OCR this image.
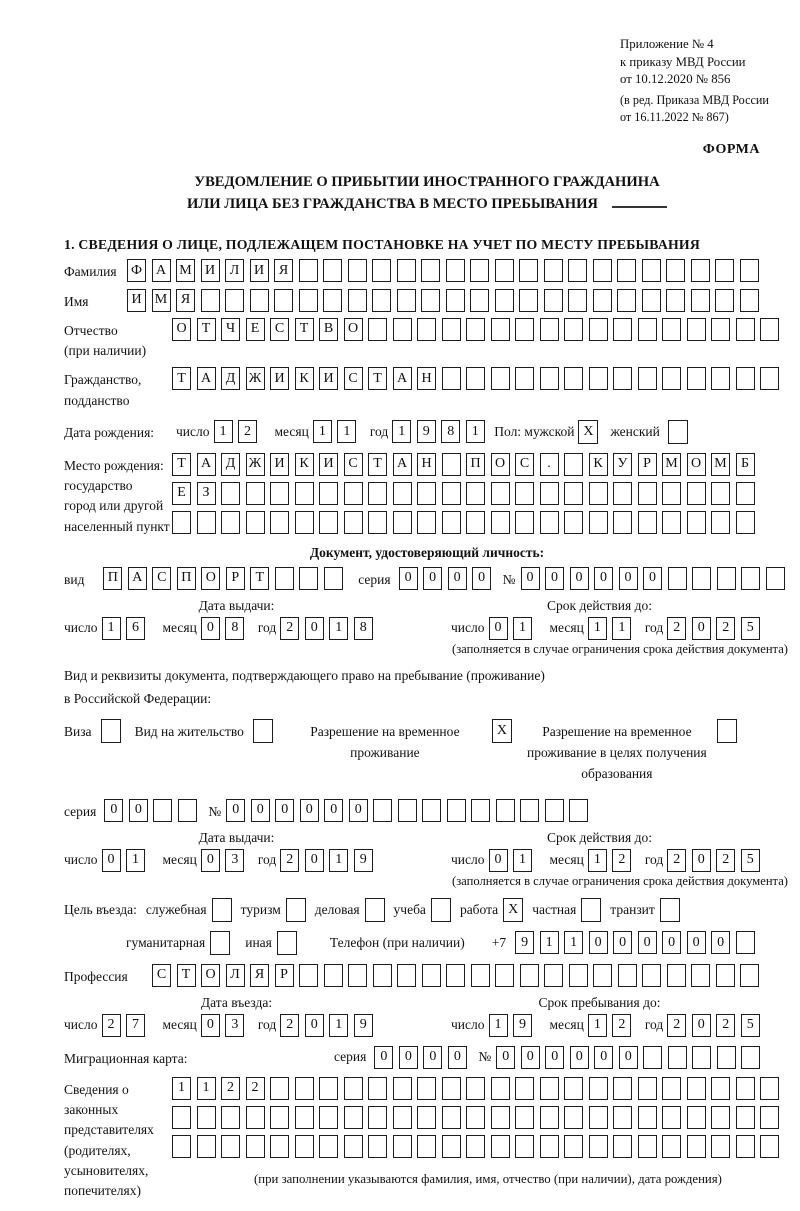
Приложение № 4
к приказу МВД России
от 10.12.2020 № 856
(в ред. Приказа МВД России
от 16.11.2022 № 867)
ФОРМА
УВЕДОМЛЕНИЕ О ПРИБЫТИИ ИНОСТРАННОГО ГРАЖДАНИНА
ИЛИ ЛИЦА БЕЗ ГРАЖДАНСТВА В МЕСТО ПРЕБЫВАНИЯ
1. СВЕДЕНИЯ О ЛИЦЕ, ПОДЛЕЖАЩЕМ ПОСТАНОВКЕ НА УЧЕТ ПО МЕСТУ ПРЕБЫВАНИЯ
Фамилия	Ф А М И	Л	И	Я
Имя	И М Я
Отчество
(при наличии)
О	Т	Ч	Е	С	Т	В	О
Гражданство,
подданство
Т	А	Д Ж И	К	И	С	Т	А	Н
Дата рождения:	число 1	2	месяц 1	1	год 1	9	8	1	Пол: мужской X	женский
Место рождения:
государство
город или другой
населенный пункт
Т	А	Д Ж И	К	И	С	Т	А	Н	П	О	С	.	К	У	Р	М О М	Б
Е	З
Документ, удостоверяющий личность:
вид	П	А	С	П	О	Р	Т	серия	0	0	0	0	№ 0	0	0	0	0	0
Дата выдачи:
число 1	6	месяц 0	8	год 2	0	1	8
Срок действия до:
число 0	1	месяц 1	1	год 2	0	2	5
(заполняется в случае ограничения срока действия документа)
Вид и реквизиты документа, подтверждающего право на пребывание (проживание)
в Российской Федерации:
Виза	Вид на жительство	Разрешение на временное проживание
X	Разрешение на временное проживание в целях получения образования
серия	0	0	№ 0	0	0	0	0	0
Дата выдачи:
число 0	1	месяц 0	3	год 2	0	1	9
Срок действия до:
число 0	1	месяц 1	2	год 2	0	2	5
(заполняется в случае ограничения срока действия документа)
Цель въезда: служебная	туризм	деловая	учеба	работа X	частная	транзит
гуманитарная	иная	Телефон (при наличии) +7	9	1	1	0	0	0	0	0	0
Профессия	С	Т	О	Л	Я	Р
Дата въезда:
число 2	7	месяц 0	3	год 2	0	1	9
Срок пребывания до:
число 1	9	месяц 1	2	год 2	0	2	5
Миграционная карта:	серия	0	0	0	0	№ 0	0	0	0	0	0
Сведения о
законных
представителях
(родителях,
усыновителях,
попечителях)
1	1	2	2
(при заполнении указываются фамилия, имя, отчество (при наличии), дата рождения)
